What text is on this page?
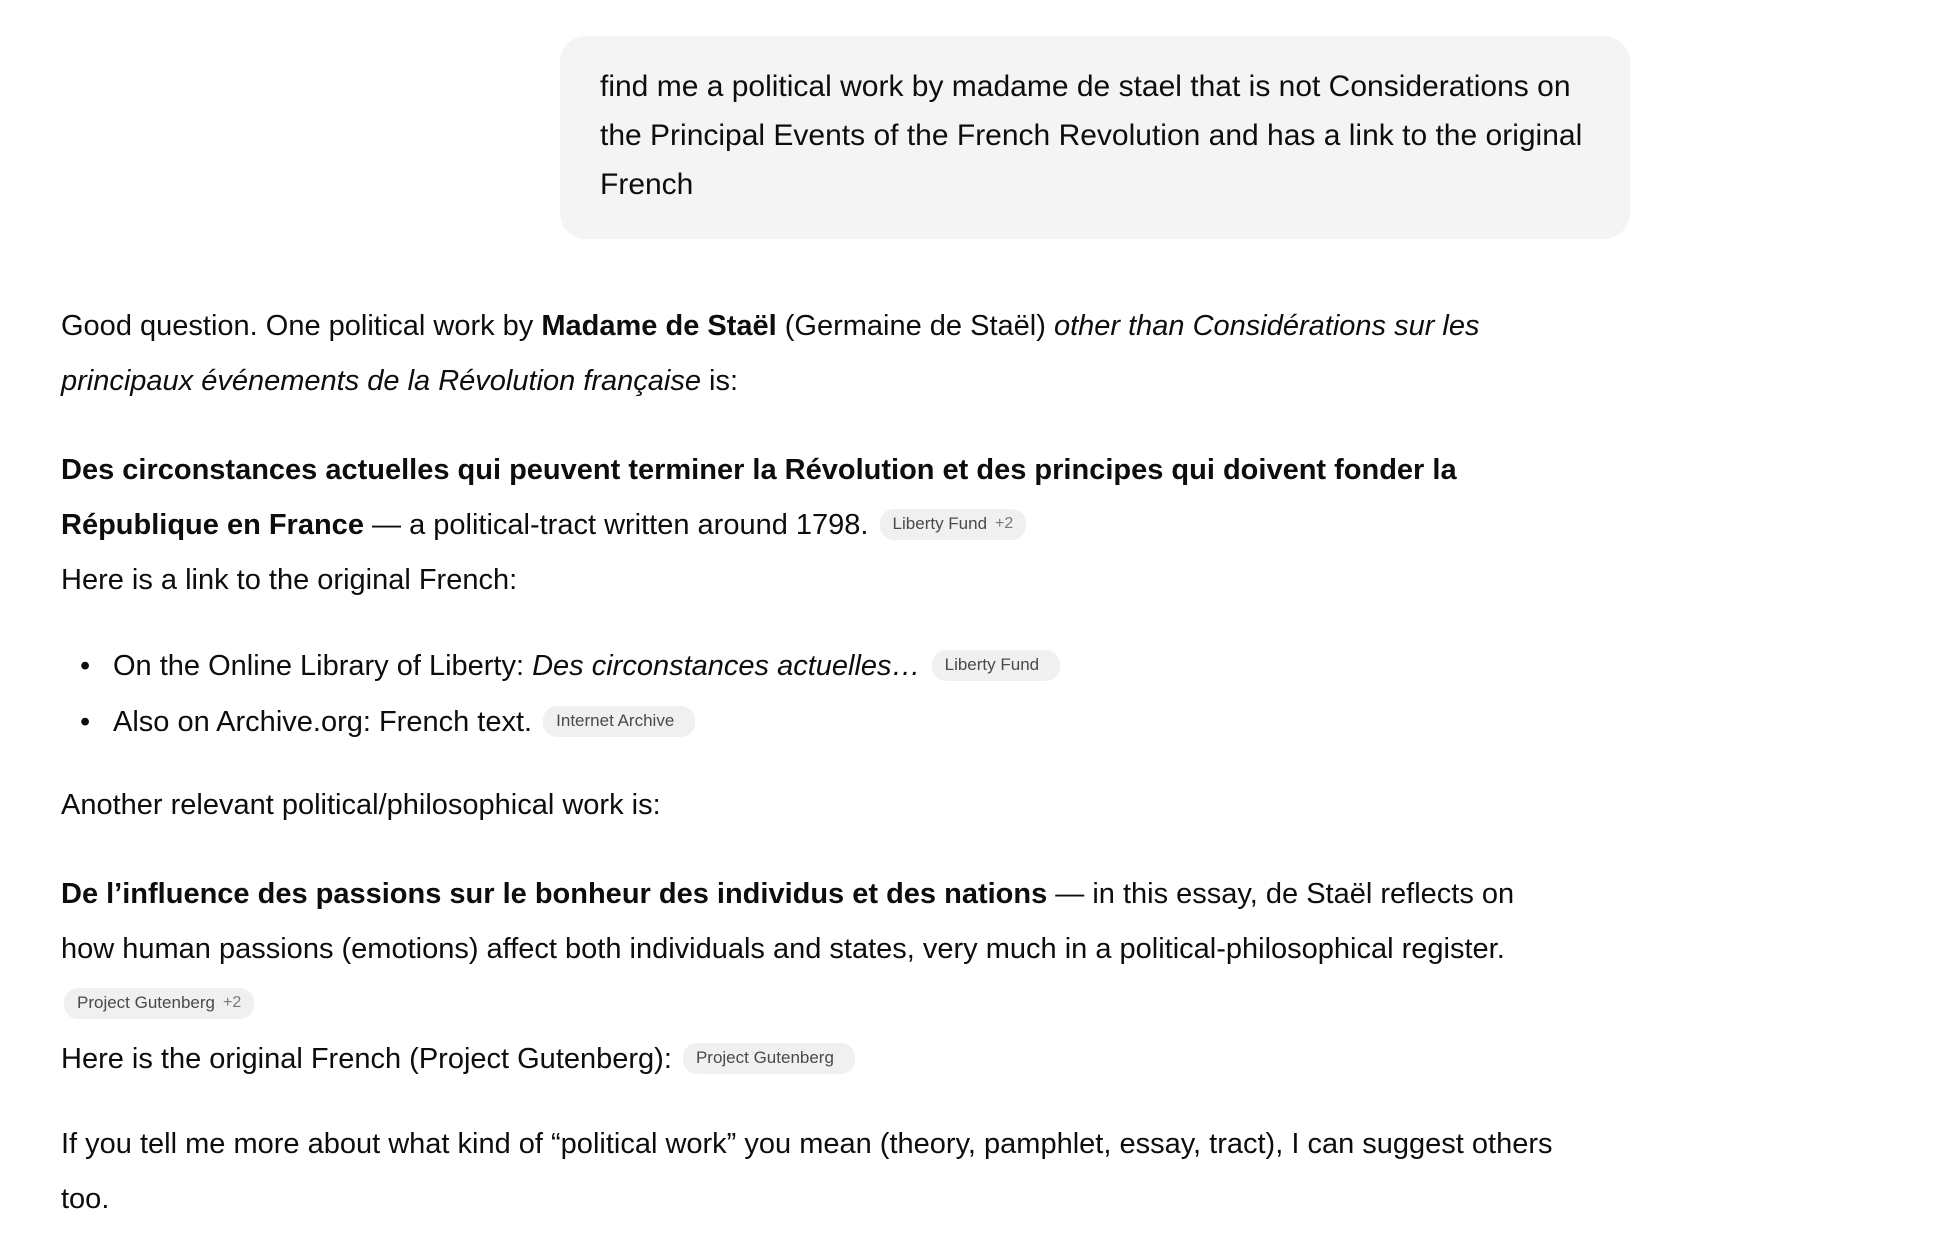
find me a political work by madame de stael that is not Considerations on the Principal Events of the French Revolution and has a link to the original French

Good question. One political work by Madame de Staël (Germaine de Staël) other than Considérations sur les principaux événements de la Révolution française is:

Des circonstances actuelles qui peuvent terminer la Révolution et des principes qui doivent fonder la République en France — a political-tract written around 1798. Liberty Fund +2

Here is a link to the original French:

• On the Online Library of Liberty: Des circonstances actuelles… Liberty Fund
• Also on Archive.org: French text. Internet Archive

Another relevant political/philosophical work is:

De l’influence des passions sur le bonheur des individus et des nations — in this essay, de Staël reflects on how human passions (emotions) affect both individuals and states, very much in a political-philosophical register.
Project Gutenberg +2

Here is the original French (Project Gutenberg): Project Gutenberg

If you tell me more about what kind of “political work” you mean (theory, pamphlet, essay, tract), I can suggest others too.
